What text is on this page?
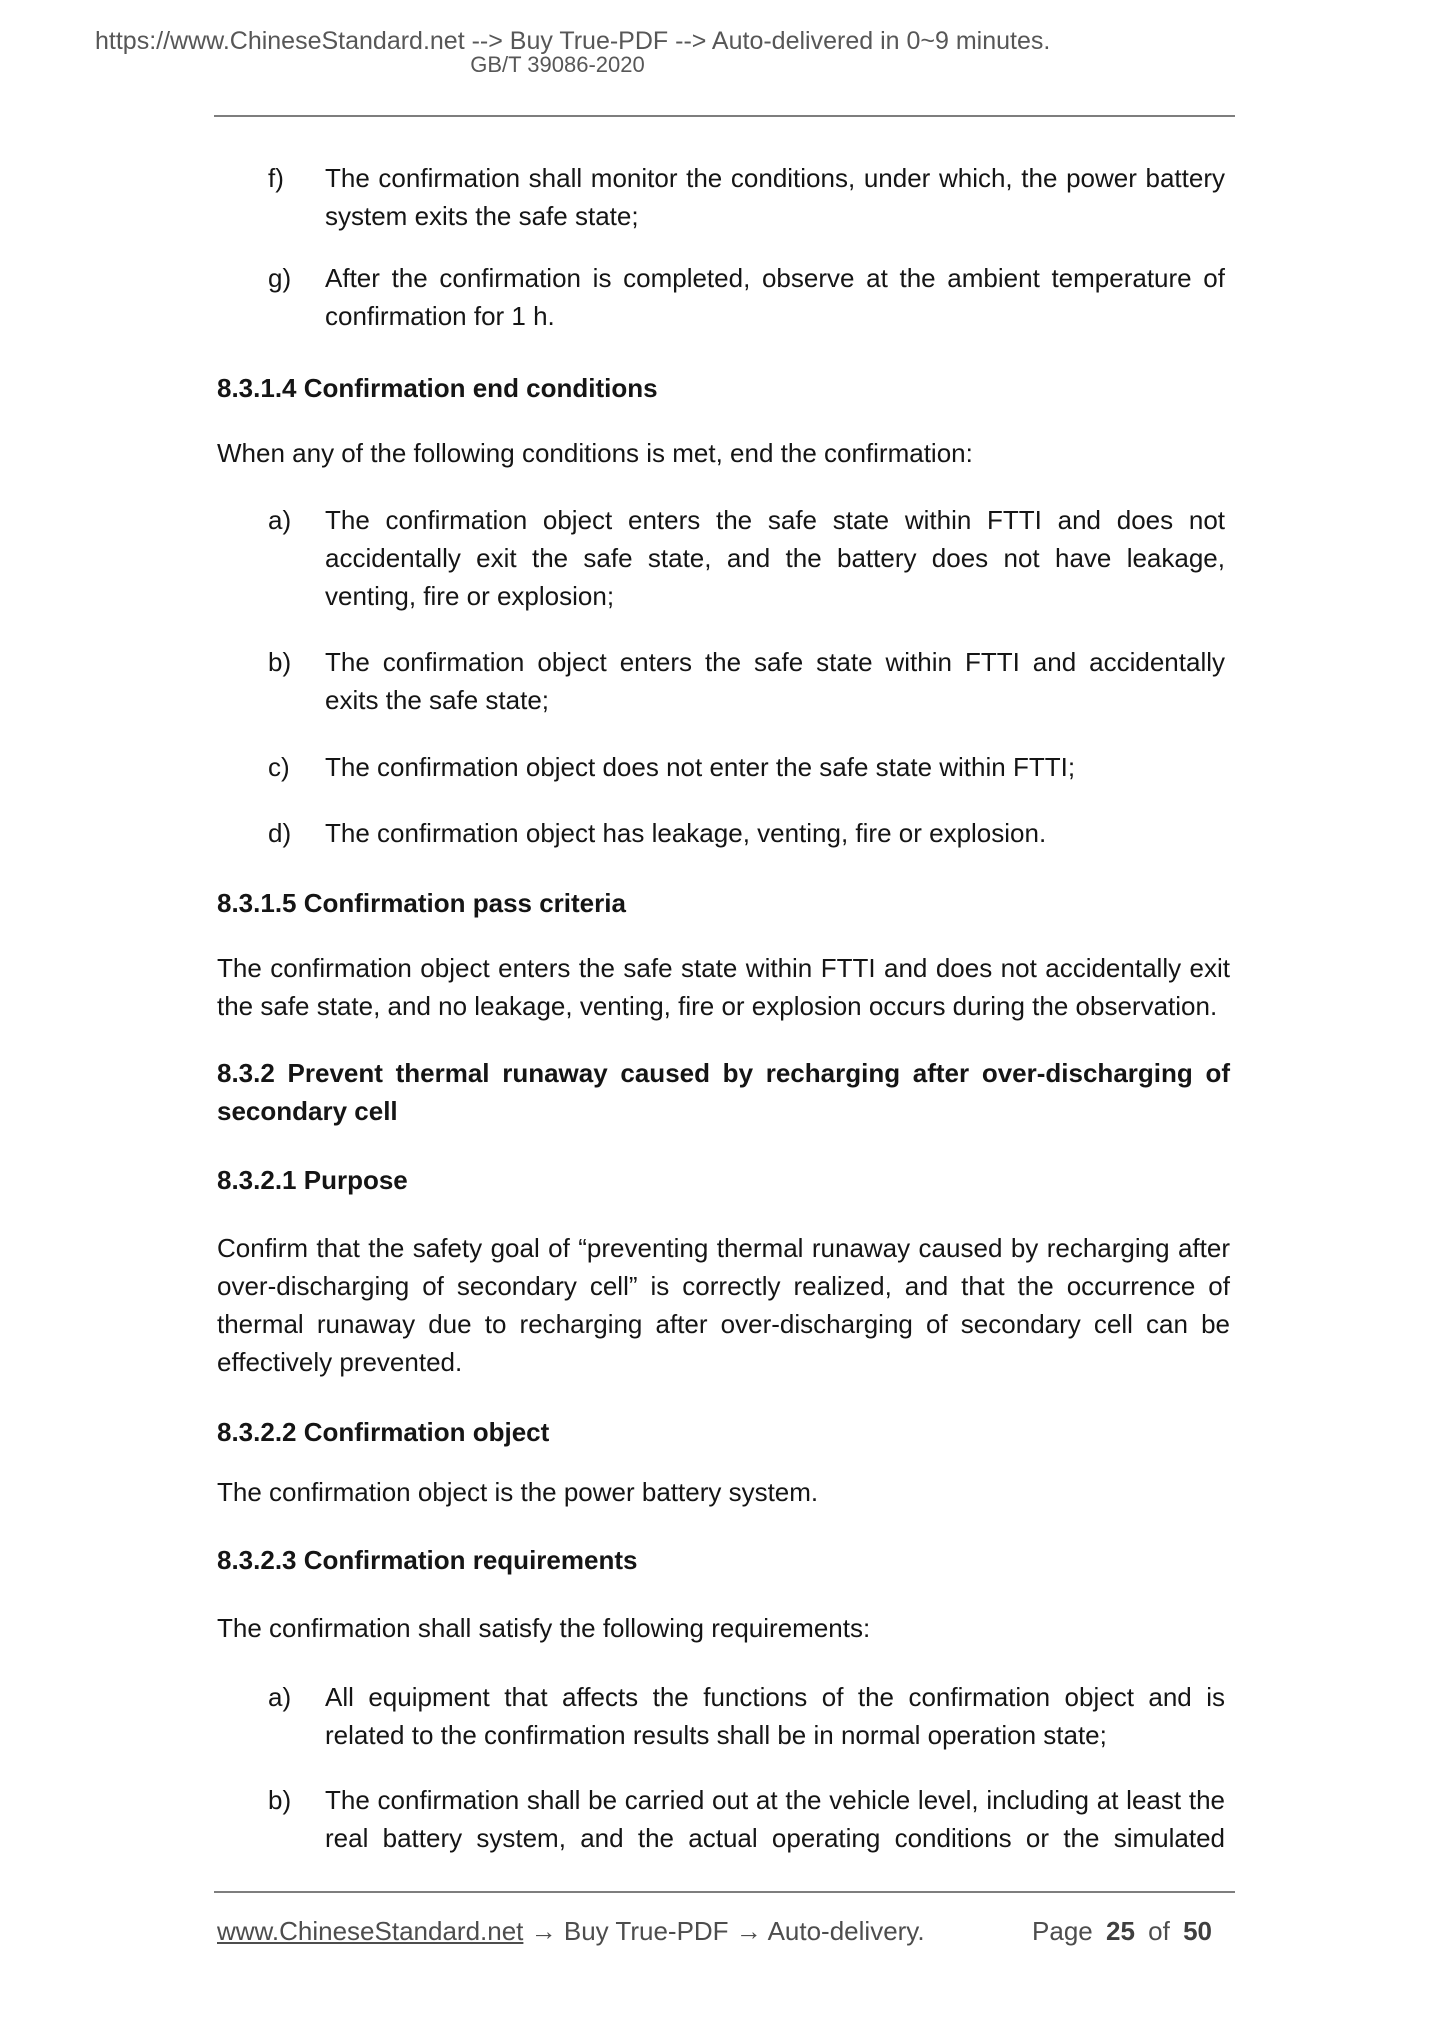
https://www.ChineseStandard.net --> Buy True-PDF --> Auto-delivered in 0~9 minutes.
GB/T 39086-2020
f) The confirmation shall monitor the conditions, under which, the power battery system exits the safe state;
g) After the confirmation is completed, observe at the ambient temperature of confirmation for 1 h.
8.3.1.4 Confirmation end conditions
When any of the following conditions is met, end the confirmation:
a) The confirmation object enters the safe state within FTTI and does not accidentally exit the safe state, and the battery does not have leakage, venting, fire or explosion;
b) The confirmation object enters the safe state within FTTI and accidentally exits the safe state;
c) The confirmation object does not enter the safe state within FTTI;
d) The confirmation object has leakage, venting, fire or explosion.
8.3.1.5 Confirmation pass criteria
The confirmation object enters the safe state within FTTI and does not accidentally exit the safe state, and no leakage, venting, fire or explosion occurs during the observation.
8.3.2 Prevent thermal runaway caused by recharging after over-discharging of secondary cell
8.3.2.1 Purpose
Confirm that the safety goal of “preventing thermal runaway caused by recharging after over-discharging of secondary cell” is correctly realized, and that the occurrence of thermal runaway due to recharging after over-discharging of secondary cell can be effectively prevented.
8.3.2.2 Confirmation object
The confirmation object is the power battery system.
8.3.2.3 Confirmation requirements
The confirmation shall satisfy the following requirements:
a) All equipment that affects the functions of the confirmation object and is related to the confirmation results shall be in normal operation state;
b) The confirmation shall be carried out at the vehicle level, including at least the real battery system, and the actual operating conditions or the simulated
www.ChineseStandard.net → Buy True-PDF → Auto-delivery.	Page 25 of 50
